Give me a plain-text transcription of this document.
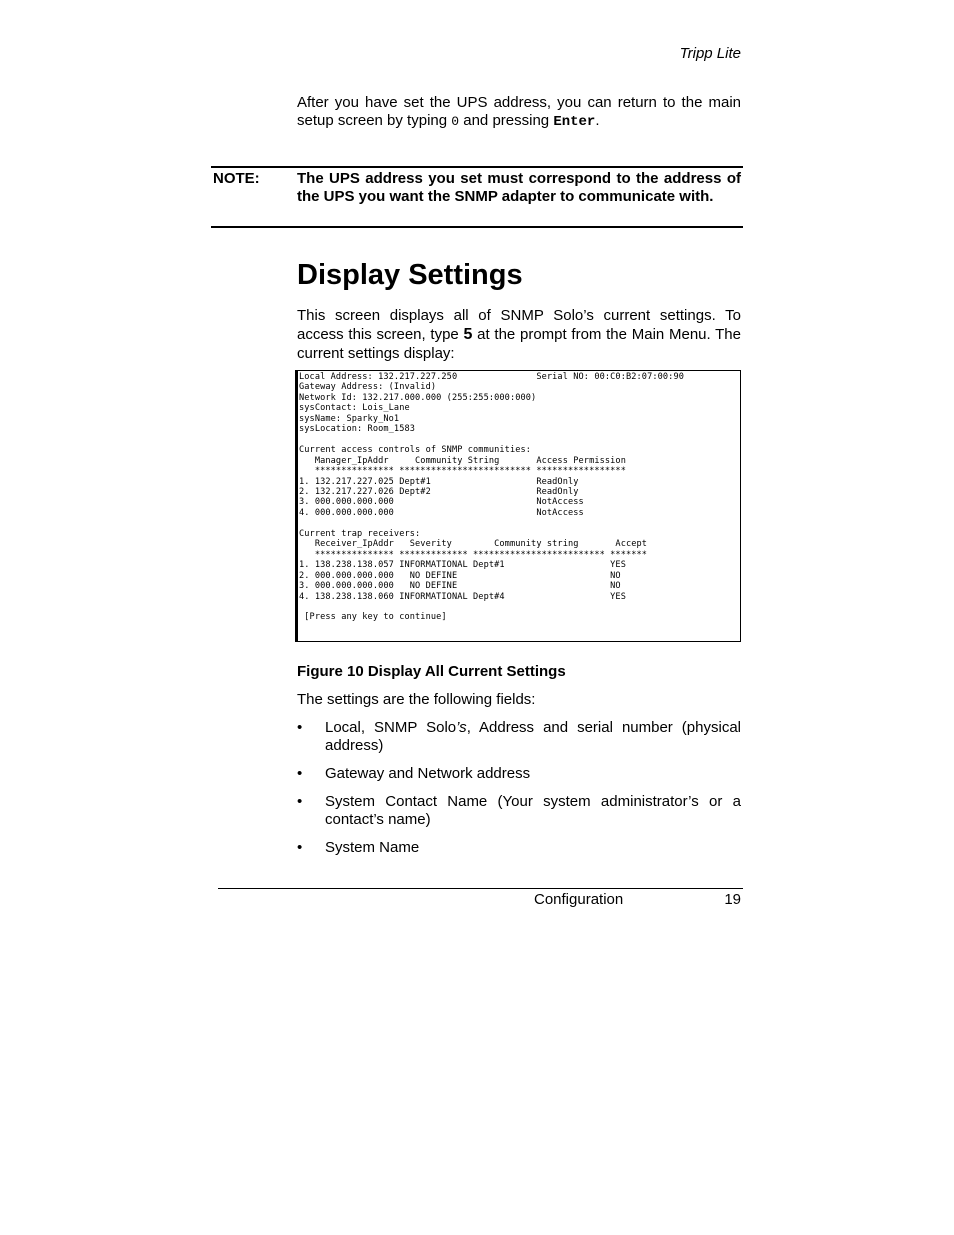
Tripp Lite

After you have set the UPS address, you can return to the main setup screen by typing 0 and pressing Enter.

NOTE: The UPS address you set must correspond to the address of the UPS you want the SNMP adapter to communicate with.
Display Settings

This screen displays all of SNMP Solo’s current settings. To access this screen, type 5 at the prompt from the Main Menu. The current settings display:

Local Address: 132.217.227.250               Serial NO: 00:C0:B2:07:00:90
Gateway Address: (Invalid)
Network Id: 132.217.000.000 (255:255:000:000)
sysContact: Lois_Lane
sysName: Sparky_No1
sysLocation: Room_1583

Current access controls of SNMP communities:
Manager_IpAddr     Community String       Access Permission
*************** ************************* *****************
1. 132.217.227.025 Dept#1                    ReadOnly
2. 132.217.227.026 Dept#2                    ReadOnly
3. 000.000.000.000                           NotAccess
4. 000.000.000.000                           NotAccess

Current trap receivers:
Receiver_IpAddr   Severity        Community string       Accept
*************** ************* ************************* *******
1. 138.238.138.057 INFORMATIONAL Dept#1                    YES
2. 000.000.000.000   NO DEFINE                             NO
3. 000.000.000.000   NO DEFINE                             NO
4. 138.238.138.060 INFORMATIONAL Dept#4                    YES

[Press any key to continue]

Figure 10 Display All Current Settings
The settings are the following fields:
• Local, SNMP Solo’s, Address and serial number (physical address)
• Gateway and Network address
• System Contact Name (Your system administrator’s or a contact’s name)
• System Name
Configuration	19
